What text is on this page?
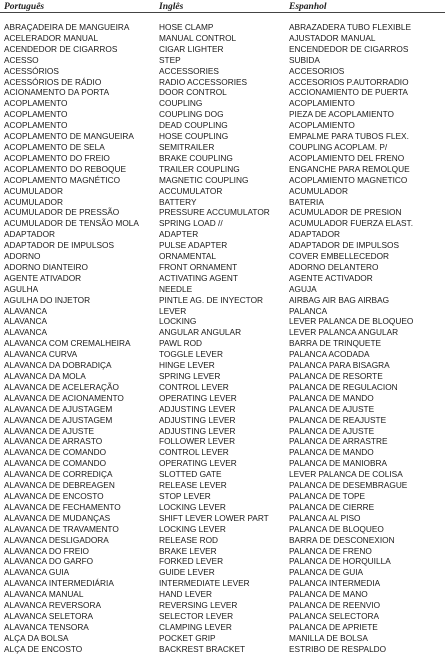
Português	Inglês	Espanhol
ABRAÇADEIRA DE MANGUEIRA	HOSE CLAMP	ABRAZADERA TUBO FLEXIBLE
ACELERADOR MANUAL	MANUAL CONTROL	AJUSTADOR MANUAL
ACENDEDOR DE CIGARROS	CIGAR LIGHTER	ENCENDEDOR DE CIGARROS
ACESSO	STEP	SUBIDA
ACESSÓRIOS	ACCESSORIES	ACCESORIOS
ACESSÓRIOS DE RÁDIO	RADIO ACCESSORIES	ACCESORIOS P.AUTORRADIO
ACIONAMENTO DA PORTA	DOOR CONTROL	ACCIONAMIENTO DE PUERTA
ACOPLAMENTO	COUPLING	ACOPLAMIENTO
ACOPLAMENTO	COUPLING DOG	PIEZA DE ACOPLAMIENTO
ACOPLAMENTO	DEAD COUPLING	ACOPLAMIENTO
ACOPLAMENTO DE MANGUEIRA	HOSE COUPLING	EMPALME PARA TUBOS FLEX.
ACOPLAMENTO DE SELA	SEMITRAILER	COUPLING ACOPLAM. P/
ACOPLAMENTO DO FREIO	BRAKE COUPLING	ACOPLAMIENTO DEL FRENO
ACOPLAMENTO DO REBOQUE	TRAILER COUPLING	ENGANCHE PARA REMOLQUE
ACOPLAMENTO MAGNÉTICO	MAGNETIC COUPLING	ACOPLAMIENTO MAGNETICO
ACUMULADOR	ACCUMULATOR	ACUMULADOR
ACUMULADOR	BATTERY	BATERIA
ACUMULADOR DE PRESSÃO	PRESSURE ACCUMULATOR	ACUMULADOR DE PRESION
ACUMULADOR DE TENSÃO MOLA	SPRING LOAD //	ACUMULADOR FUERZA ELAST.
ADAPTADOR	ADAPTER	ADAPTADOR
ADAPTADOR DE IMPULSOS	PULSE ADAPTER	ADAPTADOR DE IMPULSOS
ADORNO	ORNAMENTAL	COVER EMBELLECEDOR
ADORNO DIANTEIRO	FRONT ORNAMENT	ADORNO DELANTERO
AGENTE ATIVADOR	ACTIVATING AGENT	AGENTE ACTIVADOR
AGULHA	NEEDLE	AGUJA
AGULHA DO INJETOR	PINTLE AG. DE INYECTOR	AIRBAG AIR BAG AIRBAG
ALAVANCA	LEVER	PALANCA
ALAVANCA	LOCKING	LEVER PALANCA DE BLOQUEO
ALAVANCA	ANGULAR ANGULAR	LEVER PALANCA ANGULAR
ALAVANCA COM CREMALHEIRA	PAWL ROD	BARRA DE TRINQUETE
ALAVANCA CURVA	TOGGLE LEVER	PALANCA ACODADA
ALAVANCA DA DOBRADIÇA	HINGE LEVER	PALANCA PARA BISAGRA
ALAVANCA DA MOLA	SPRING LEVER	PALANCA DE RESORTE
ALAVANCA DE ACELERAÇÃO	CONTROL LEVER	PALANCA DE REGULACION
ALAVANCA DE ACIONAMENTO	OPERATING LEVER	PALANCA DE MANDO
ALAVANCA DE AJUSTAGEM	ADJUSTING LEVER	PALANCA DE AJUSTE
ALAVANCA DE AJUSTAGEM	ADJUSTING LEVER	PALANCA DE REAJUSTE
ALAVANCA DE AJUSTE	ADJUSTING LEVER	PALANCA DE AJUSTE
ALAVANCA DE ARRASTO	FOLLOWER LEVER	PALANCA DE ARRASTRE
ALAVANCA DE COMANDO	CONTROL LEVER	PALANCA DE MANDO
ALAVANCA DE COMANDO	OPERATING LEVER	PALANCA DE MANIOBRA
ALAVANCA DE CORREDIÇA	SLOTTED GATE	LEVER PALANCA DE COLISA
ALAVANCA DE DEBREAGEN	RELEASE LEVER	PALANCA DE DESEMBRAGUE
ALAVANCA DE ENCOSTO	STOP LEVER	PALANCA DE TOPE
ALAVANCA DE FECHAMENTO	LOCKING LEVER	PALANCA DE CIERRE
ALAVANCA DE MUDANÇAS	SHIFT LEVER LOWER PART	PALANCA AL PISO
ALAVANCA DE TRAVAMENTO	LOCKING LEVER	PALANCA DE BLOQUEO
ALAVANCA DESLIGADORA	RELEASE ROD	BARRA DE DESCONEXION
ALAVANCA DO FREIO	BRAKE LEVER	PALANCA DE FRENO
ALAVANCA DO GARFO	FORKED LEVER	PALANCA DE HORQUILLA
ALAVANCA GUIA	GUIDE LEVER	PALANCA DE GUIA
ALAVANCA INTERMEDIÁRIA	INTERMEDIATE LEVER	PALANCA INTERMEDIA
ALAVANCA MANUAL	HAND LEVER	PALANCA DE MANO
ALAVANCA REVERSORA	REVERSING LEVER	PALANCA DE REENVIO
ALAVANCA SELETORA	SELECTOR LEVER	PALANCA SELECTORA
ALAVANCA TENSORA	CLAMPING LEVER	PALANCA DE APRIETE
ALÇA DA BOLSA	POCKET GRIP	MANILLA DE BOLSA
ALÇA DE ENCOSTO	BACKREST BRACKET	ESTRIBO DE RESPALDO
